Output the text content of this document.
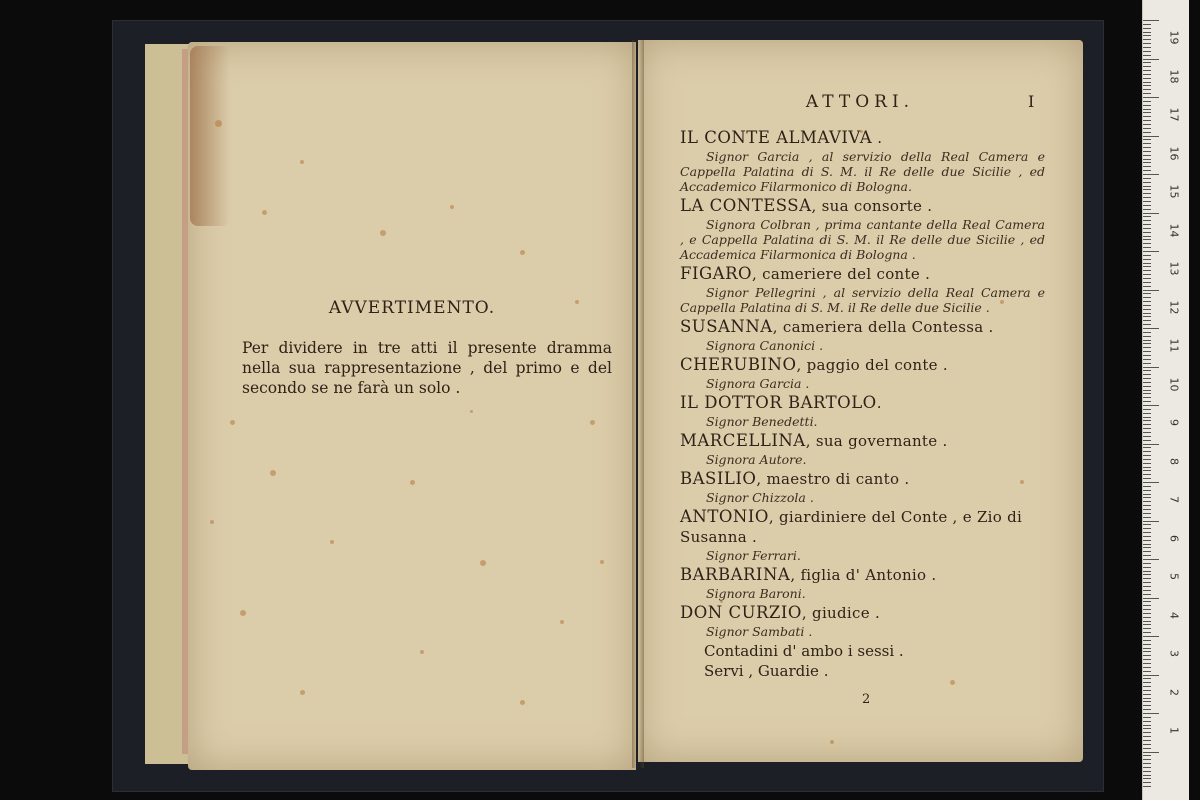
AVVERTIMENTO.
Per dividere in tre atti il presente dramma nella sua rappresentazione , del primo e del secondo se ne farà un solo .
ATTORI.	I

IL CONTE ALMAVIVA .

Signor Garcia , al servizio della Real Camera e Cappella Palatina di S. M. il Re delle due Sicilie , ed Accademico Filarmonico di Bologna.

LA CONTESSA, sua consorte .

Signora Colbran , prima cantante della Real Camera , e Cappella Palatina di S. M. il Re delle due Sicilie , ed Accademica Filarmonica di Bologna .

FIGARO, cameriere del conte .

Signor Pellegrini , al servizio della Real Camera e Cappella Palatina di S. M. il Re delle due Sicilie .

SUSANNA, cameriera della Contessa .

Signora Canonici .

CHERUBINO, paggio del conte .

Signora Garcia .

IL DOTTOR BARTOLO.

Signor Benedetti.

MARCELLINA, sua governante .

Signora Autore.

BASILIO, maestro di canto .

Signor Chizzola .

ANTONIO, giardiniere del Conte , e Zio di Susanna .

Signor Ferrari.

BARBARINA, figlia d' Antonio .

Signora Baroni.

DON CURZIO, giudice .

Signor Sambati .

Contadini d' ambo i sessi .
Servi , Guardie .
2
19
18
17
16
15
14
13
12
11
10
9
8
7
6
5
4
3
2
1
